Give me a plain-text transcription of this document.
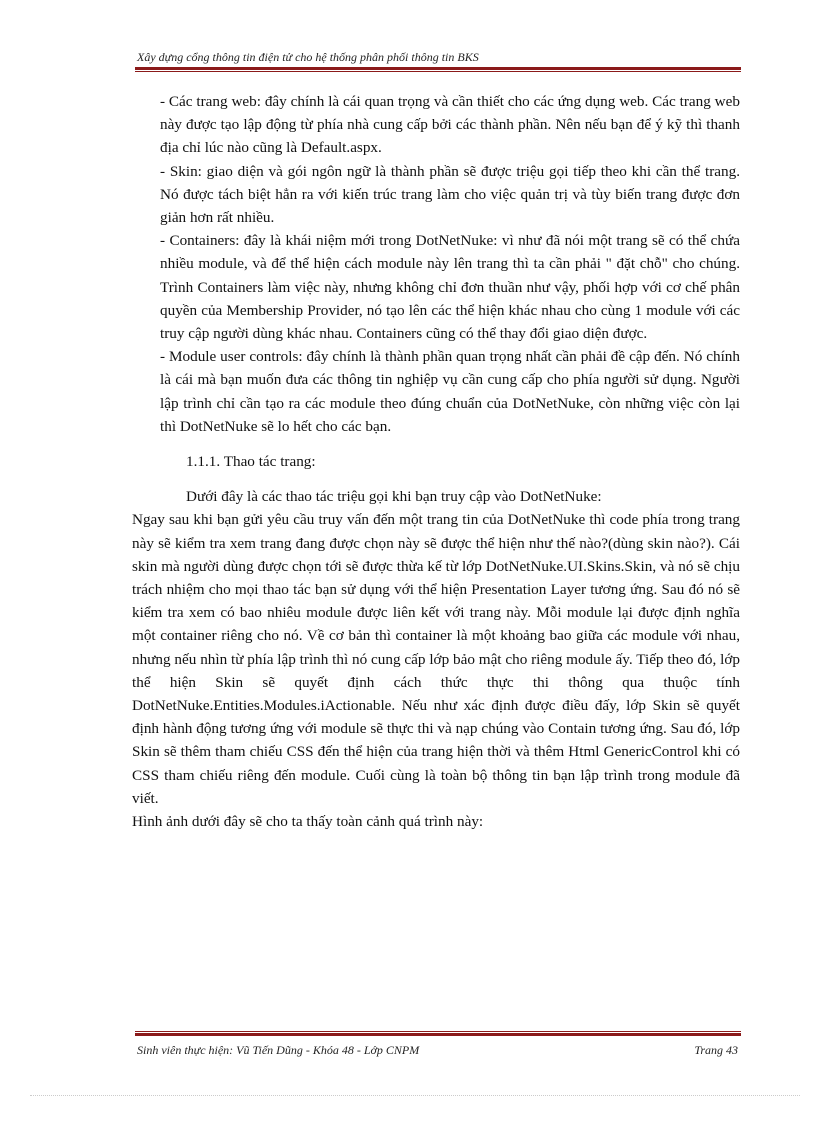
Xây dựng cổng thông tin điện tử cho hệ thống phân phối thông tin BKS

- Các trang web: đây chính là cái quan trọng và cần thiết cho các ứng dụng web. Các trang web này được tạo lập động từ phía nhà cung cấp bởi các thành phần. Nên nếu bạn để ý kỹ thì thanh địa chỉ lúc nào cũng là Default.aspx.

- Skin: giao diện và gói ngôn ngữ là thành phần sẽ được triệu gọi tiếp theo khi cần thể trang. Nó được tách biệt hẳn ra với kiến trúc trang làm cho việc quản trị và tùy biến trang được đơn giản hơn rất nhiều.

- Containers: đây là khái niệm mới trong DotNetNuke: vì như đã nói một trang sẽ có thể chứa nhiều module, và để thể hiện cách module này lên trang thì ta cần phải " đặt chỗ" cho chúng. Trình Containers làm việc này, nhưng không chỉ đơn thuần như vậy, phối hợp với cơ chế phân quyền của Membership Provider, nó tạo lên các thể hiện khác nhau cho cùng 1 module với các truy cập người dùng khác nhau. Containers cũng có thể thay đổi giao diện được.

- Module user controls: đây chính là thành phần quan trọng nhất cần phải đề cập đến. Nó chính là cái mà bạn muốn đưa các thông tin nghiệp vụ cần cung cấp cho phía người sử dụng. Người lập trình chỉ cần tạo ra các module theo đúng chuẩn của DotNetNuke, còn những việc còn lại thì DotNetNuke sẽ lo hết cho các bạn.

1.1.1. Thao tác trang:

Dưới đây là các thao tác triệu gọi khi bạn truy cập vào DotNetNuke:

Ngay sau khi bạn gửi yêu cầu truy vấn đến một trang tin của DotNetNuke thì code phía trong trang này sẽ kiểm tra xem trang đang được chọn này sẽ được thể hiện như thế nào?(dùng skin nào?). Cái skin mà người dùng được chọn tới sẽ được thừa kế từ lớp DotNetNuke.UI.Skins.Skin, và nó sẽ chịu trách nhiệm cho mọi thao tác bạn sử dụng với thể hiện Presentation Layer tương ứng. Sau đó nó sẽ kiểm tra xem có bao nhiêu module được liên kết với trang này. Mỗi module lại được định nghĩa một container riêng cho nó. Về cơ bản thì container là một khoảng bao giữa các module với nhau, nhưng nếu nhìn từ phía lập trình thì nó cung cấp lớp bảo mật cho riêng module ấy. Tiếp theo đó, lớp thể hiện Skin sẽ quyết định cách thức thực thi thông qua thuộc tính DotNetNuke.Entities.Modules.iActionable. Nếu như xác định được điều đấy, lớp Skin sẽ quyết định hành động tương ứng với module sẽ thực thi và nạp chúng vào Contain tương ứng. Sau đó, lớp Skin sẽ thêm tham chiếu CSS đến thể hiện của trang hiện thời và thêm Html GenericControl khi có CSS tham chiếu riêng đến module. Cuối cùng là toàn bộ thông tin bạn lập trình trong module đã viết.

Hình ảnh dưới đây sẽ cho ta thấy toàn cảnh quá trình này:

Sinh viên thực hiện: Vũ Tiến Dũng - Khóa 48 - Lớp CNPM	Trang 43
